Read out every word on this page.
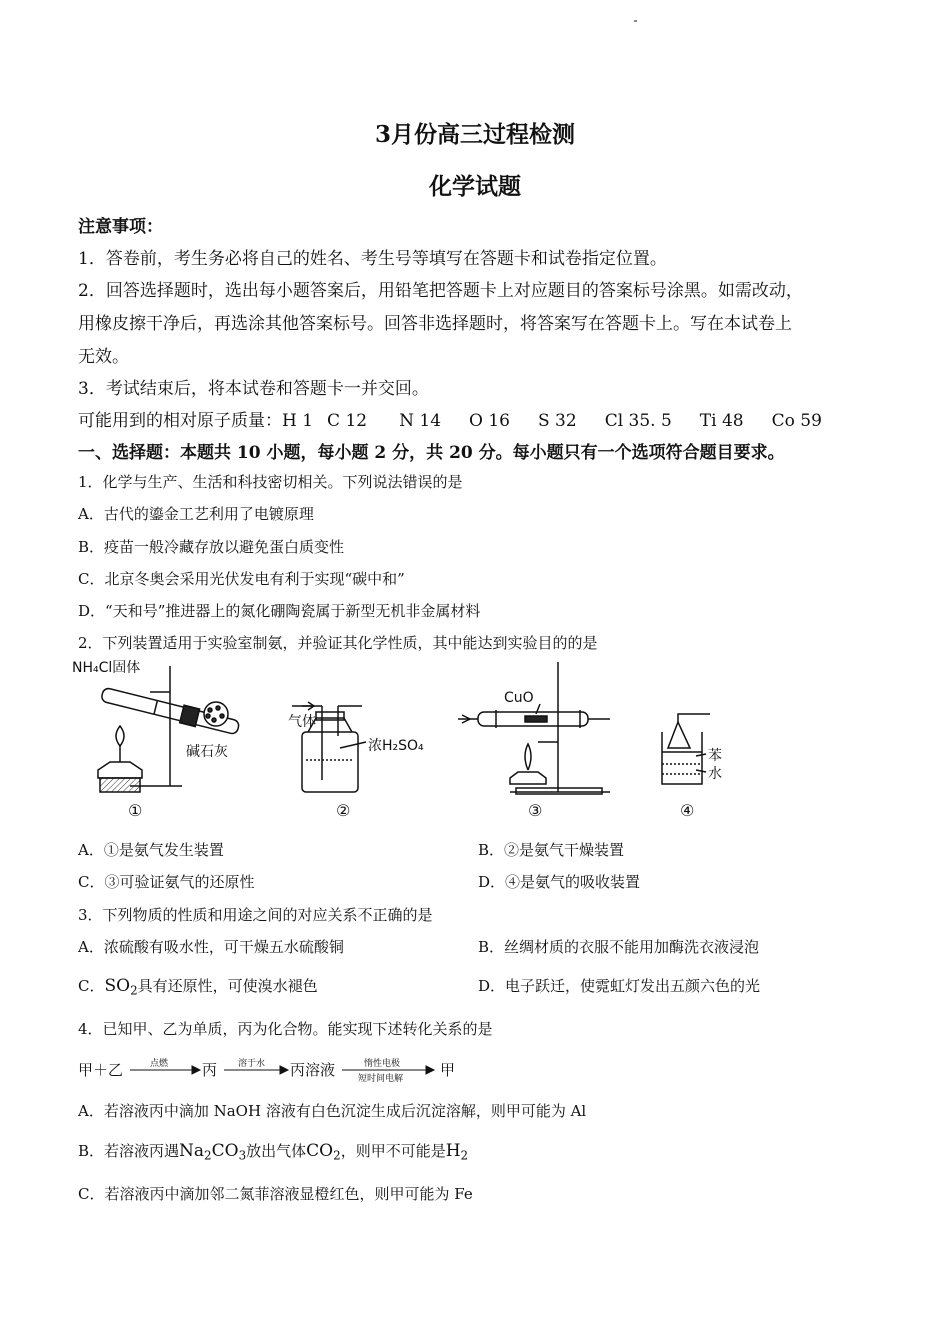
3月份高三过程检测
化学试题
注意事项：
1．答卷前，考生务必将自己的姓名、考生号等填写在答题卡和试卷指定位置。
2．回答选择题时，选出每小题答案后，用铅笔把答题卡上对应题目的答案标号涂黑。如需改动，
用橡皮擦干净后，再选涂其他答案标号。回答非选择题时，将答案写在答题卡上。写在本试卷上
无效。
3．考试结束后，将本试卷和答题卡一并交回。
可能用到的相对原子质量：H 1 C 12 N 14 O 16 S 32 Cl 35. 5 Ti 48 Co 59
一、选择题：本题共 10 小题，每小题 2 分，共 20 分。每小题只有一个选项符合题目要求。
1．化学与生产、生活和科技密切相关。下列说法错误的是
A．古代的鎏金工艺利用了电镀原理
B．疫苗一般冷藏存放以避免蛋白质变性
C．北京冬奥会采用光伏发电有利于实现“碳中和”
D．“天和号”推进器上的氮化硼陶瓷属于新型无机非金属材料
2．下列装置适用于实验室制氨，并验证其化学性质，其中能达到实验目的的是
NH₄Cl固体
碱石灰
气体
浓H₂SO₄
CuO
苯
水
①	②	③	④
A．①是氨气发生装置	B．②是氨气干燥装置
C．③可验证氨气的还原性	D．④是氨气的吸收装置
3．下列物质的性质和用途之间的对应关系不正确的是
A．浓硫酸有吸水性，可干燥五水硫酸铜	B．丝绸材质的衣服不能用加酶洗衣液浸泡
C．$SO_2$具有还原性，可使溴水褪色	D．电子跃迁，使霓虹灯发出五颜六色的光
4．已知甲、乙为单质，丙为化合物。能实现下述转化关系的是
甲＋乙	点燃 丙 溶于水 丙溶液	惰性电极
短时间电解 甲
A．若溶液丙中滴加 NaOH 溶液有白色沉淀生成后沉淀溶解，则甲可能为 Al
B．若溶液丙遇$Na_2CO_3$放出气体$CO_2$，则甲不可能是$H_2$
C．若溶液丙中滴加邻二氮菲溶液显橙红色，则甲可能为 Fe
